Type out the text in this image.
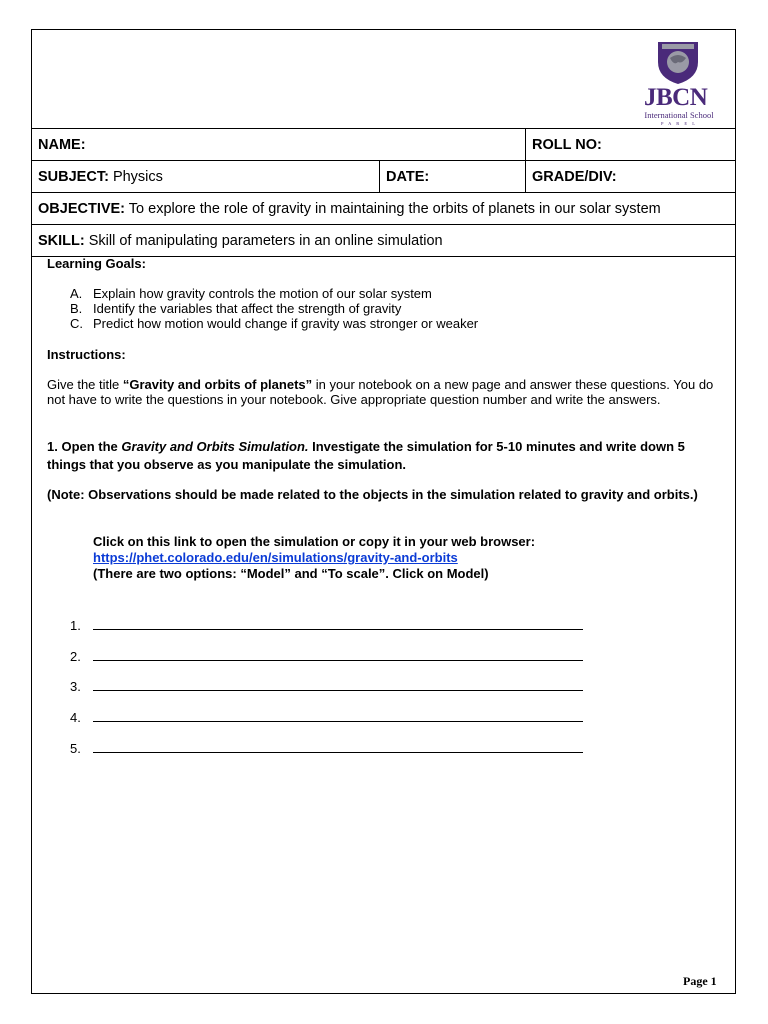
JBCN
International School
P A R E L
NAME:		ROLL NO:
SUBJECT: Physics	DATE:	GRADE/DIV:
OBJECTIVE: To explore the role of gravity in maintaining the orbits of planets in our solar system		
SKILL: Skill of manipulating parameters in an online simulation		
Learning Goals:
A. Explain how gravity controls the motion of our solar system
B. Identify the variables that affect the strength of gravity
C. Predict how motion would change if gravity was stronger or weaker
Instructions:
Give the title “Gravity and orbits of planets” in your notebook on a new page and answer these questions. You do not have to write the questions in your notebook. Give appropriate question number and write the answers.
1. Open the Gravity and Orbits Simulation. Investigate the simulation for 5-10 minutes and write down 5 things that you observe as you manipulate the simulation.
(Note: Observations should be made related to the objects in the simulation related to gravity and orbits.)
Click on this link to open the simulation or copy it in your web browser:
https://phet.colorado.edu/en/simulations/gravity-and-orbits
(There are two options: “Model” and “To scale”. Click on Model)
1.
2.
3.
4.
5.
Page 1
